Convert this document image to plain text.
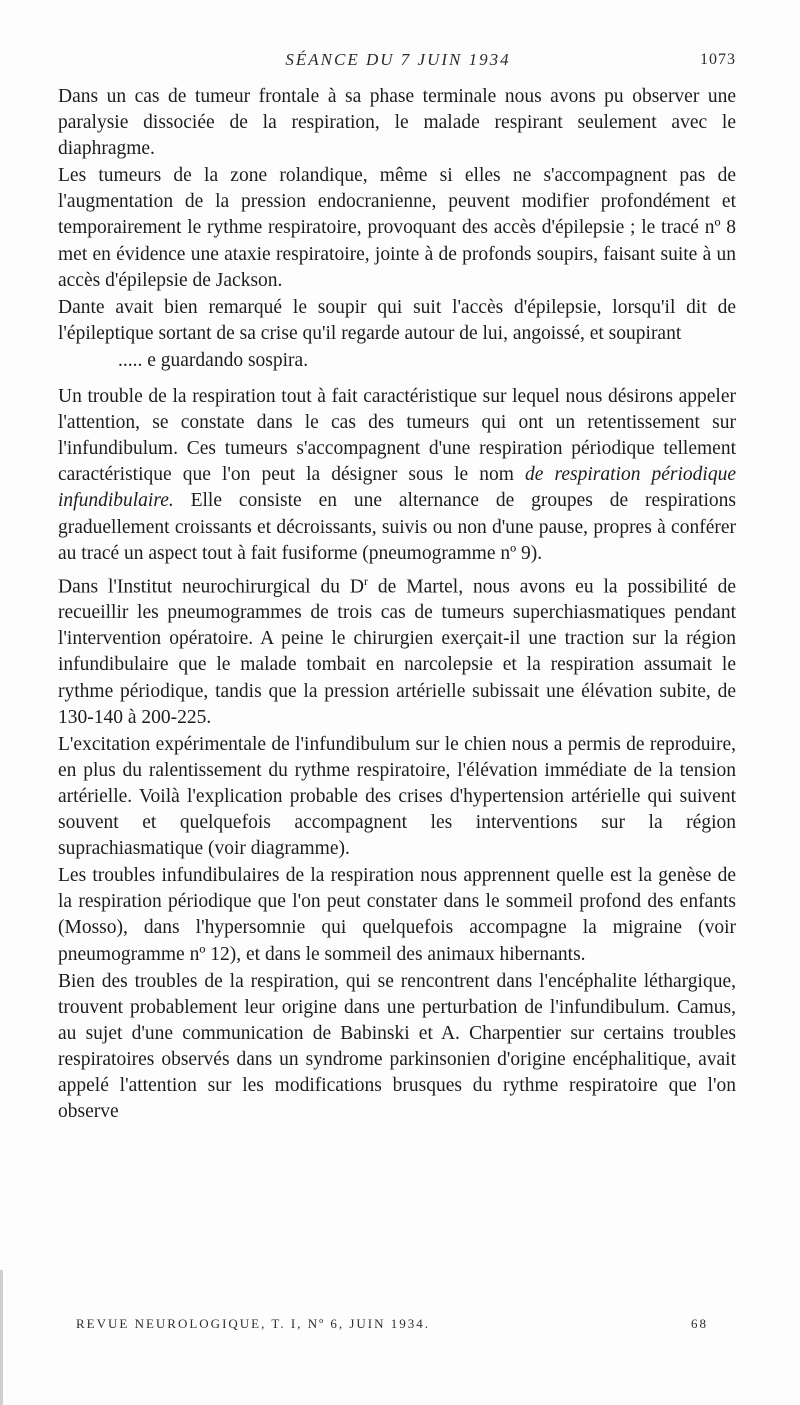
SÉANCE DU 7 JUIN 1934	1073

Dans un cas de tumeur frontale à sa phase terminale nous avons pu observer une paralysie dissociée de la respiration, le malade respirant seulement avec le diaphragme.

Les tumeurs de la zone rolandique, même si elles ne s'accompagnent pas de l'augmentation de la pression endocranienne, peuvent modifier profondément et temporairement le rythme respiratoire, provoquant des accès d'épilepsie ; le tracé nº 8 met en évidence une ataxie respiratoire, jointe à de profonds soupirs, faisant suite à un accès d'épilepsie de Jackson.

Dante avait bien remarqué le soupir qui suit l'accès d'épilepsie, lorsqu'il dit de l'épileptique sortant de sa crise qu'il regarde autour de lui, angoissé, et soupirant

..... e guardando sospira.

Un trouble de la respiration tout à fait caractéristique sur lequel nous désirons appeler l'attention, se constate dans le cas des tumeurs qui ont un retentissement sur l'infundibulum. Ces tumeurs s'accompagnent d'une respiration périodique tellement caractéristique que l'on peut la désigner sous le nom de respiration périodique infundibulaire. Elle consiste en une alternance de groupes de respirations graduellement croissants et décroissants, suivis ou non d'une pause, propres à conférer au tracé un aspect tout à fait fusiforme (pneumogramme nº 9).

Dans l'Institut neurochirurgical du $D^r$ de Martel, nous avons eu la possibilité de recueillir les pneumogrammes de trois cas de tumeurs superchiasmatiques pendant l'intervention opératoire. A peine le chirurgien exerçait-il une traction sur la région infundibulaire que le malade tombait en narcolepsie et la respiration assumait le rythme périodique, tandis que la pression artérielle subissait une élévation subite, de 130-140 à 200-225.

L'excitation expérimentale de l'infundibulum sur le chien nous a permis de reproduire, en plus du ralentissement du rythme respiratoire, l'élévation immédiate de la tension artérielle. Voilà l'explication probable des crises d'hypertension artérielle qui suivent souvent et quelquefois accompagnent les interventions sur la région suprachiasmatique (voir diagramme).

Les troubles infundibulaires de la respiration nous apprennent quelle est la genèse de la respiration périodique que l'on peut constater dans le sommeil profond des enfants (Mosso), dans l'hypersomnie qui quelquefois accompagne la migraine (voir pneumogramme nº 12), et dans le sommeil des animaux hibernants.

Bien des troubles de la respiration, qui se rencontrent dans l'encéphalite léthargique, trouvent probablement leur origine dans une perturbation de l'infundibulum. Camus, au sujet d'une communication de Babinski et A. Charpentier sur certains troubles respiratoires observés dans un syndrome parkinsonien d'origine encéphalitique, avait appelé l'attention sur les modifications brusques du rythme respiratoire que l'on observe

REVUE NEUROLOGIQUE, T. I, Nº 6, JUIN 1934.	68
